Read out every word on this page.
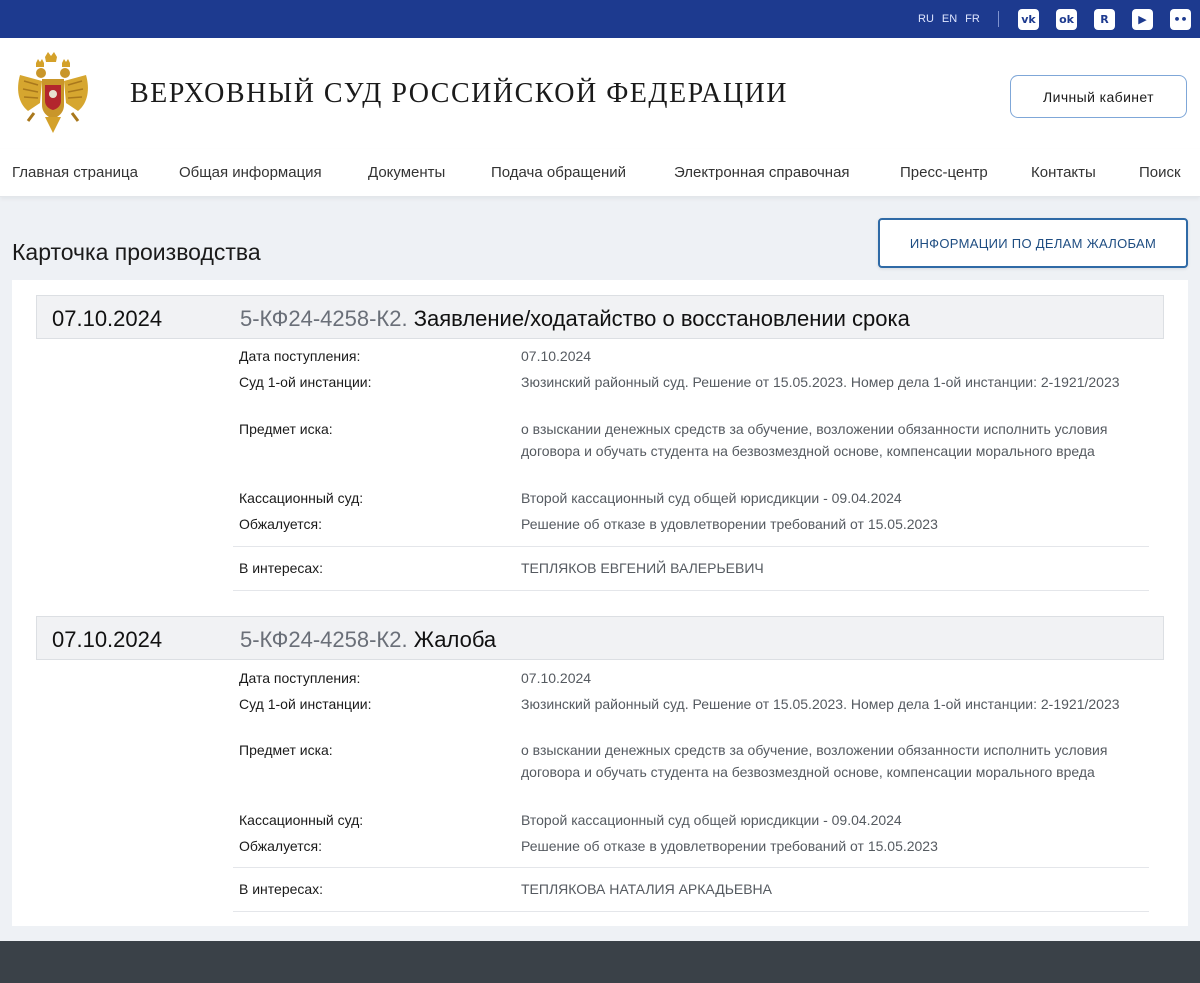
RU EN FR	vk ok	R	▶	••
ВЕРХОВНЫЙ СУД РОССИЙСКОЙ ФЕДЕРАЦИИ	Личный кабинет
Главная страница	Общая информация	Документы	Подача обращений	Электронная справочная	Пресс-центр	Контакты	Поиск
Карточка производства	ИНФОРМАЦИИ ПО ДЕЛАМ ЖАЛОБАМ
07.10.2024	5-КФ24-4258-К2. Заявление/ходатайство о восстановлении срока
Дата поступления:	07.10.2024
Суд 1-ой инстанции:	Зюзинский районный суд. Решение от 15.05.2023. Номер дела 1-ой инстанции: 2-1921/2023
Предмет иска:	о взыскании денежных средств за обучение, возложении обязанности исполнить условия договора и обучать студента на безвозмездной основе, компенсации морального вреда
Кассационный суд:	Второй кассационный суд общей юрисдикции - 09.04.2024
Обжалуется:	Решение об отказе в удовлетворении требований от 15.05.2023
В интересах:	ТЕПЛЯКОВ ЕВГЕНИЙ ВАЛЕРЬЕВИЧ
07.10.2024	5-КФ24-4258-К2. Жалоба
Дата поступления:	07.10.2024
Суд 1-ой инстанции:	Зюзинский районный суд. Решение от 15.05.2023. Номер дела 1-ой инстанции: 2-1921/2023
Предмет иска:	о взыскании денежных средств за обучение, возложении обязанности исполнить условия договора и обучать студента на безвозмездной основе, компенсации морального вреда
Кассационный суд:	Второй кассационный суд общей юрисдикции - 09.04.2024
Обжалуется:	Решение об отказе в удовлетворении требований от 15.05.2023
В интересах:	ТЕПЛЯКОВА НАТАЛИЯ АРКАДЬЕВНА
